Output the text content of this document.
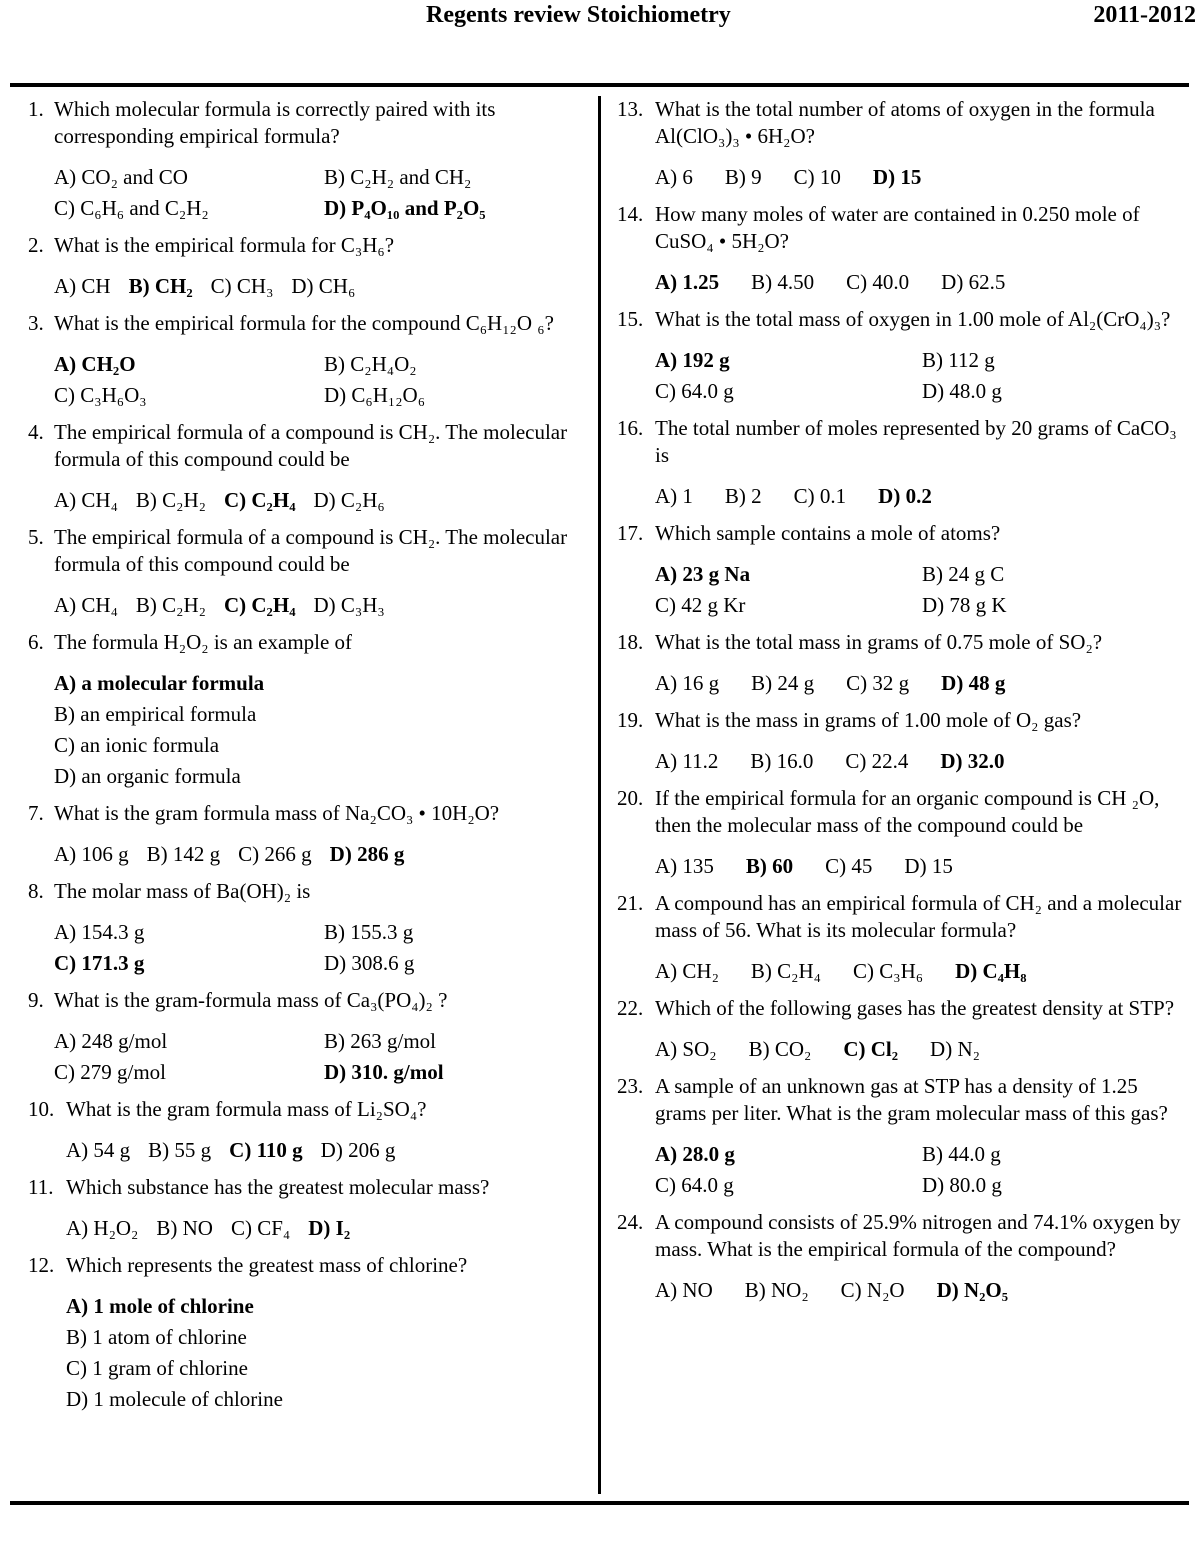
Regents review Stoichiometry	2011-2012
1. Which molecular formula is correctly paired with its corresponding empirical formula?
A) CO₂ and CO	B) C₂H₂ and CH₂
C) C₆H₆ and C₂H₂	D) P₄O₁₀ and P₂O₅
2. What is the empirical formula for C₃H₆?
A) CH B) CH₂ C) CH₃ D) CH₆
3. What is the empirical formula for the compound C₆H₁₂O ₆?
A) CH₂O	B) C₂H₄O₂
C) C₃H₆O₃	D) C₆H₁₂O₆
4. The empirical formula of a compound is CH₂. The molecular formula of this compound could be
A) CH₄ B) C₂H₂ C) C₂H₄ D) C₂H₆
5. The empirical formula of a compound is CH₂. The molecular formula of this compound could be
A) CH₄ B) C₂H₂ C) C₂H₄ D) C₃H₃
6. The formula H₂O₂ is an example of
A) a molecular formula
B) an empirical formula
C) an ionic formula
D) an organic formula
7. What is the gram formula mass of Na₂CO₃ • 10H₂O?
A) 106 g B) 142 g C) 266 g D) 286 g
8. The molar mass of Ba(OH)₂ is
A) 154.3 g	B) 155.3 g
C) 171.3 g	D) 308.6 g
9. What is the gram-formula mass of Ca₃(PO₄)₂ ?
A) 248 g/mol	B) 263 g/mol
C) 279 g/mol	D) 310. g/mol
10. What is the gram formula mass of Li₂SO₄?
A) 54 g B) 55 g C) 110 g D) 206 g
11. Which substance has the greatest molecular mass?
A) H₂O₂ B) NO C) CF₄ D) I₂
12. Which represents the greatest mass of chlorine?
A) 1 mole of chlorine
B) 1 atom of chlorine
C) 1 gram of chlorine
D) 1 molecule of chlorine
13. What is the total number of atoms of oxygen in the formula Al(ClO₃)₃ • 6H₂O?
A) 6 B) 9 C) 10 D) 15
14. How many moles of water are contained in 0.250 mole of CuSO₄ • 5H₂O?
A) 1.25 B) 4.50 C) 40.0 D) 62.5
15. What is the total mass of oxygen in 1.00 mole of Al₂(CrO₄)₃?
A) 192 g	B) 112 g
C) 64.0 g	D) 48.0 g
16. The total number of moles represented by 20 grams of CaCO₃ is
A) 1 B) 2 C) 0.1 D) 0.2
17. Which sample contains a mole of atoms?
A) 23 g Na	B) 24 g C
C) 42 g Kr	D) 78 g K
18. What is the total mass in grams of 0.75 mole of SO₂?
A) 16 g B) 24 g C) 32 g D) 48 g
19. What is the mass in grams of 1.00 mole of O₂ gas?
A) 11.2 B) 16.0 C) 22.4 D) 32.0
20. If the empirical formula for an organic compound is CH ₂O, then the molecular mass of the compound could be
A) 135 B) 60 C) 45 D) 15
21. A compound has an empirical formula of CH₂ and a molecular mass of 56. What is its molecular formula?
A) CH₂ B) C₂H₄ C) C₃H₆ D) C₄H₈
22. Which of the following gases has the greatest density at STP?
A) SO₂ B) CO₂ C) Cl₂ D) N₂
23. A sample of an unknown gas at STP has a density of 1.25 grams per liter. What is the gram molecular mass of this gas?
A) 28.0 g	B) 44.0 g
C) 64.0 g	D) 80.0 g
24. A compound consists of 25.9% nitrogen and 74.1% oxygen by mass. What is the empirical formula of the compound?
A) NO B) NO₂ C) N₂O D) N₂O₅
